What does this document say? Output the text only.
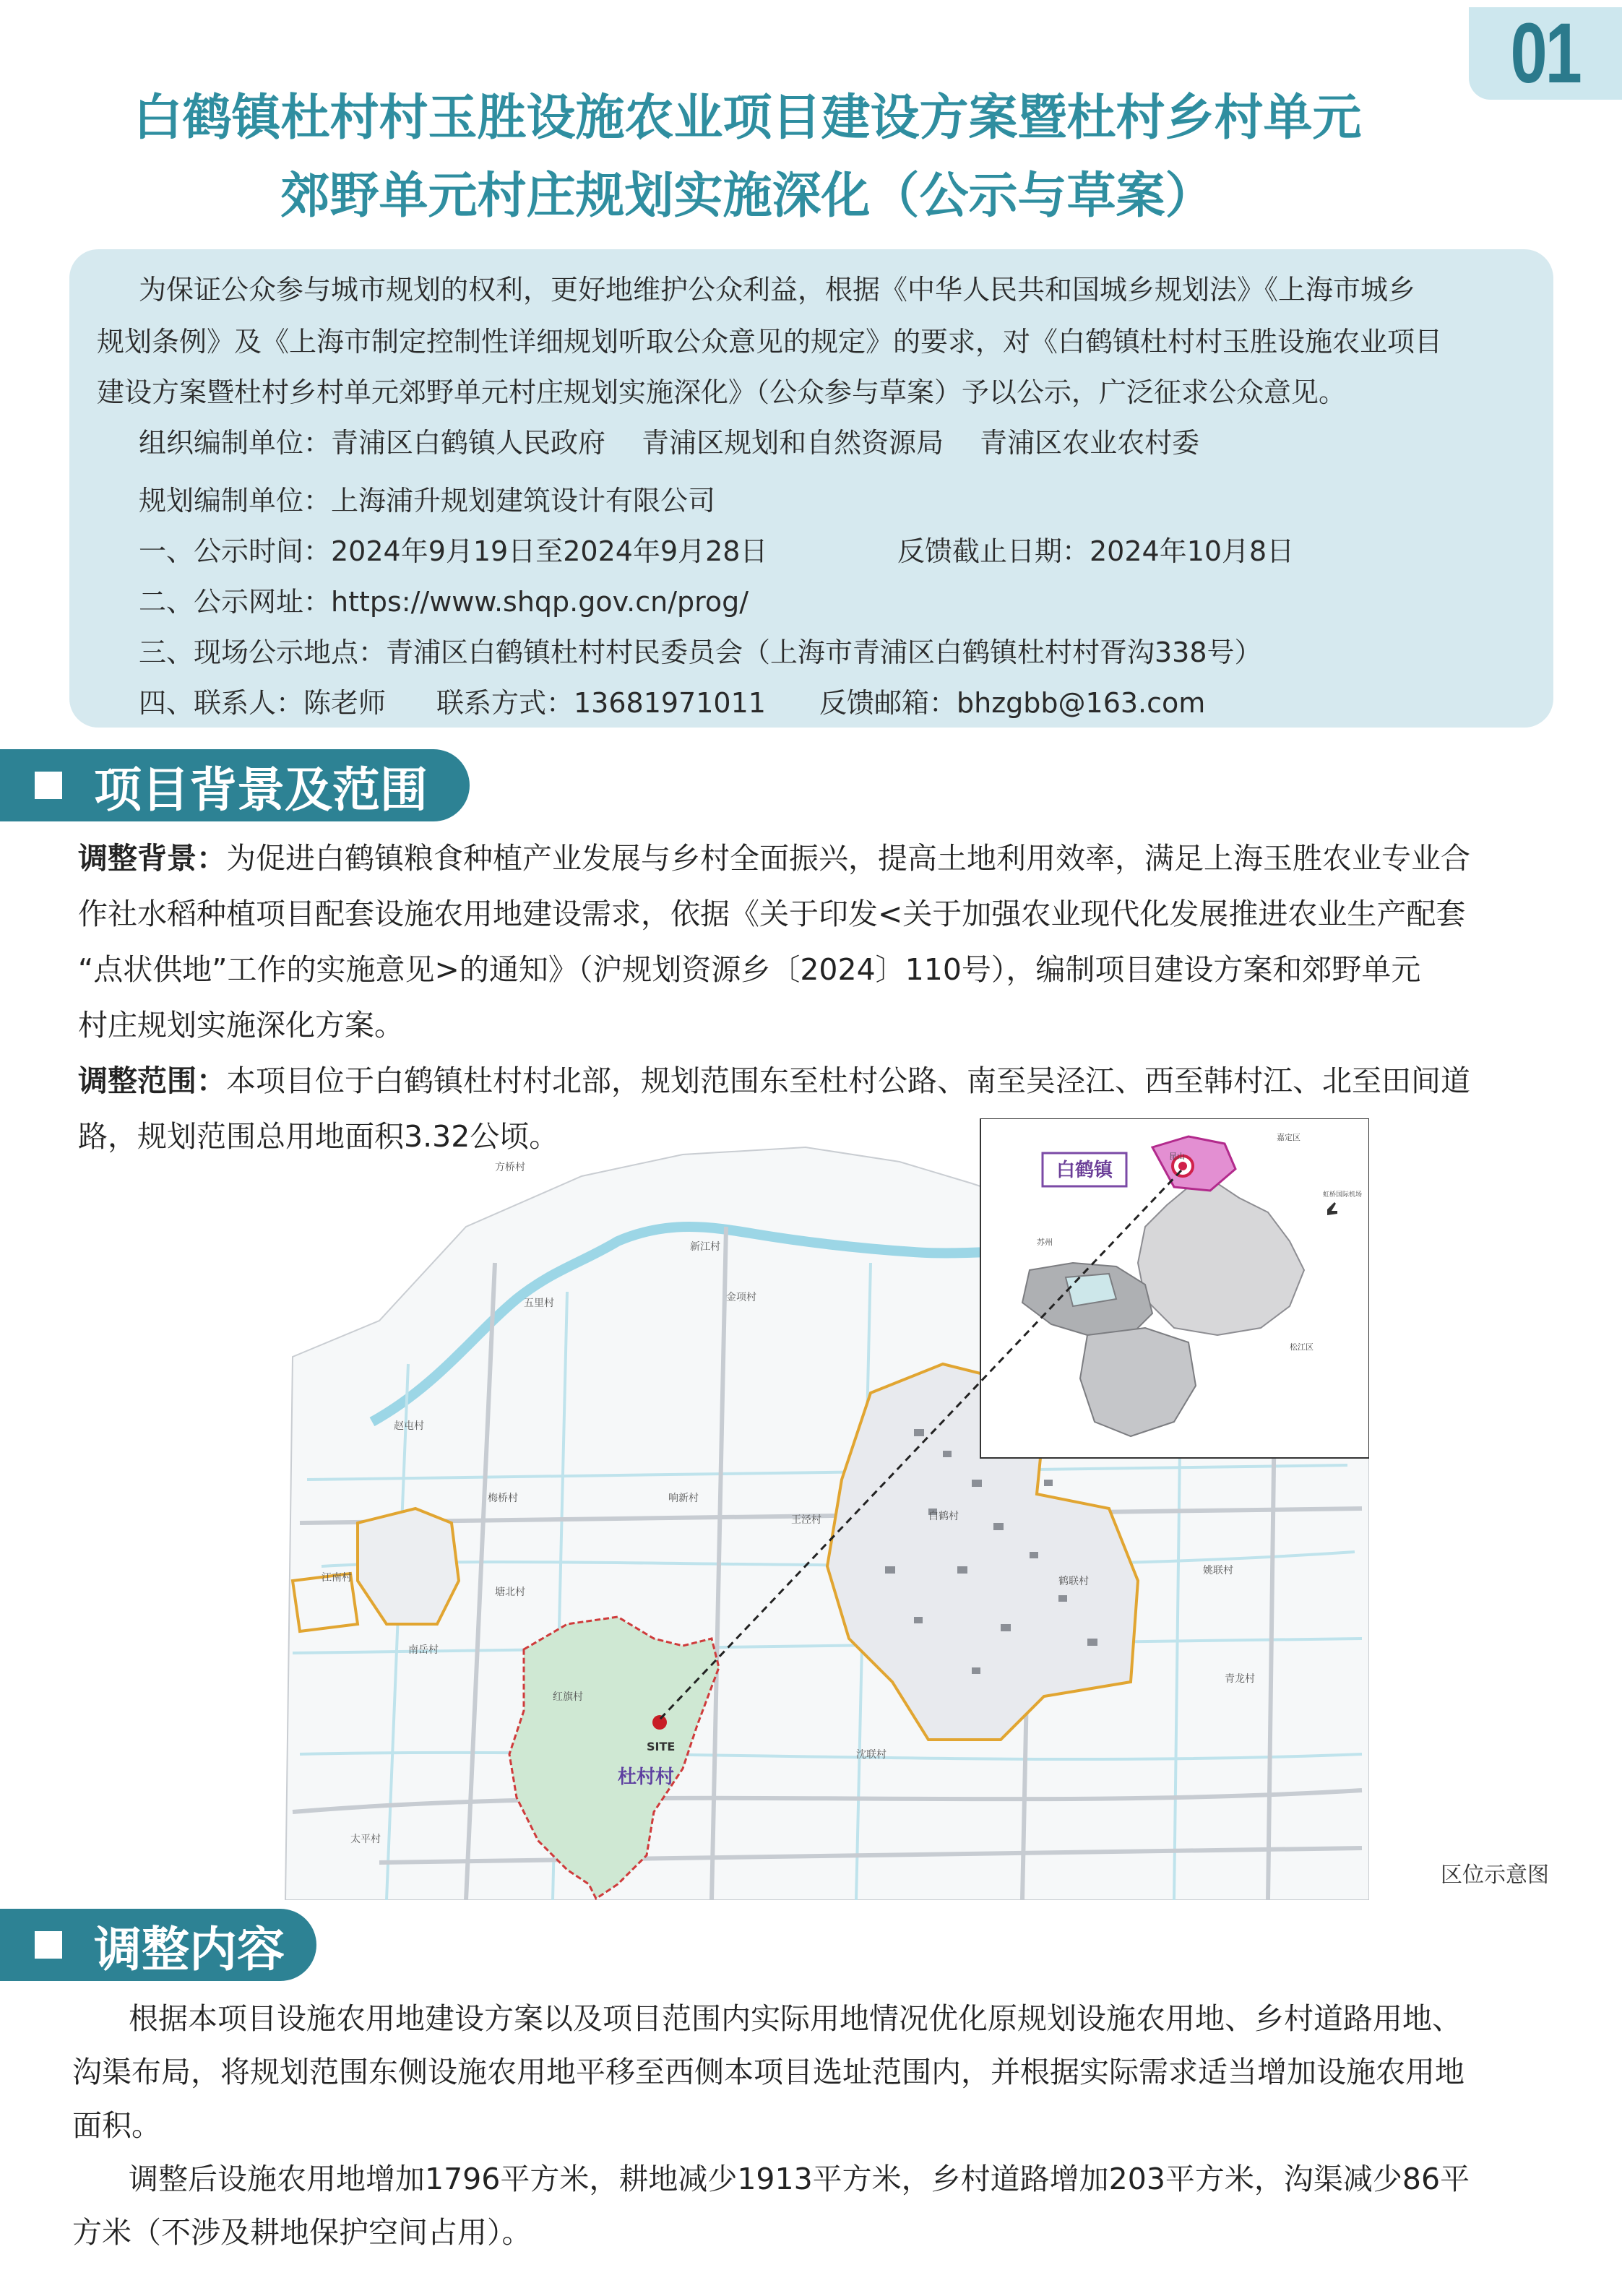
01
白鹤镇杜村村玉胜设施农业项目建设方案暨杜村乡村单元
郊野单元村庄规划实施深化（公示与草案）

为保证公众参与城市规划的权利，更好地维护公众利益，根据《中华人民共和国城乡规划法》《上海市城乡

规划条例》及《上海市制定控制性详细规划听取公众意见的规定》的要求，对《白鹤镇杜村村玉胜设施农业项目

建设方案暨杜村乡村单元郊野单元村庄规划实施深化》（公众参与草案）予以公示，广泛征求公众意见。

组织编制单位：青浦区白鹤镇人民政府　 青浦区规划和自然资源局　 青浦区农业农村委

规划编制单位：上海浦升规划建筑设计有限公司

一、公示时间：2024年9月19日至2024年9月28日	反馈截止日期：2024年10月8日

二、公示网址：https://www.shqp.gov.cn/prog/

三、现场公示地点：青浦区白鹤镇杜村村民委员会（上海市青浦区白鹤镇杜村村胥沟338号）

四、联系人：陈老师 联系方式：13681971011 反馈邮箱：bhzgbb@163.com

项目背景及范围
调整背景：为促进白鹤镇粮食种植产业发展与乡村全面振兴，提高土地利用效率，满足上海玉胜农业专业合
作社水稻种植项目配套设施农用地建设需求，依据《关于印发<关于加强农业现代化发展推进农业生产配套
“点状供地”工作的实施意见>的通知》（沪规划资源乡〔2024〕110号），编制项目建设方案和郊野单元
村庄规划实施深化方案。
调整范围：本项目位于白鹤镇杜村村北部，规划范围东至杜村公路、南至吴泾江、西至韩村江、北至田间道
路，规划范围总用地面积3.32公顷。
SITE
杜村村
方桥村
新江村
五里村	金项村
赵屯村
梅桥村	响新村
江南村
塘北村
南岳村
红旗村
太平村
白鹤村
鹤联村
沈联村
姚联村
青龙村
王泾村
白鹤镇
昆山
嘉定区
苏州
松江区
虹桥国际机场
区位示意图
调整内容
根据本项目设施农用地建设方案以及项目范围内实际用地情况优化原规划设施农用地、乡村道路用地、
沟渠布局，将规划范围东侧设施农用地平移至西侧本项目选址范围内，并根据实际需求适当增加设施农用地
面积。
调整后设施农用地增加1796平方米，耕地减少1913平方米，乡村道路增加203平方米，沟渠减少86平
方米（不涉及耕地保护空间占用）。
